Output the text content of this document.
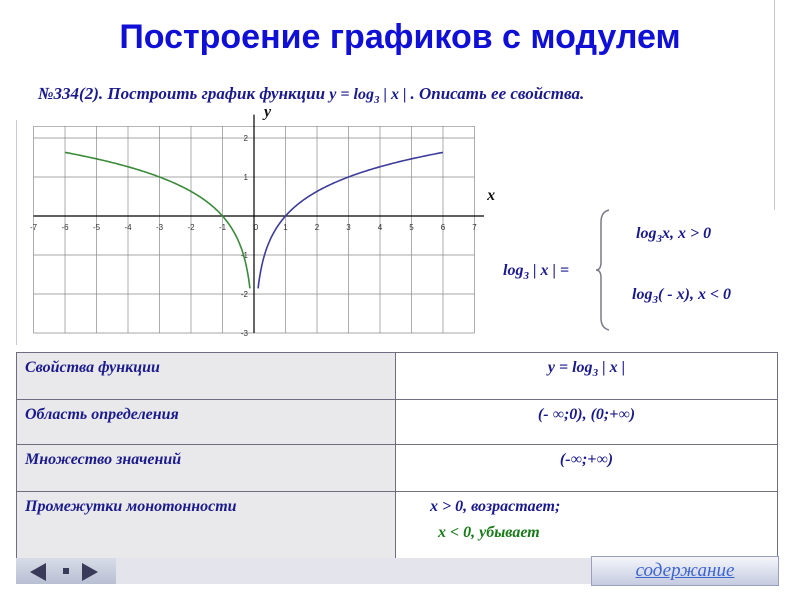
Построение графиков с модулем
№334(2). Построить график функции $y = \log_3$ | x | . Описать ее свойства.
x
y
-7	-6	-5	-4	-3	-2	-1	0	1	2	3	4	5	6	7
-3
-2
-1
1
2
$\log_3$ | x | =
$\log_3x$, x > 0
$\log_3( - x)$, x < 0
Свойства функции	$y = \log_3$ | x |
Область определения	(- ∞;0), (0;+∞)
Множество значений	(-∞;+∞)
Промежутки монотонности	x > 0, возрастает;
x < 0, убывает
содержание
